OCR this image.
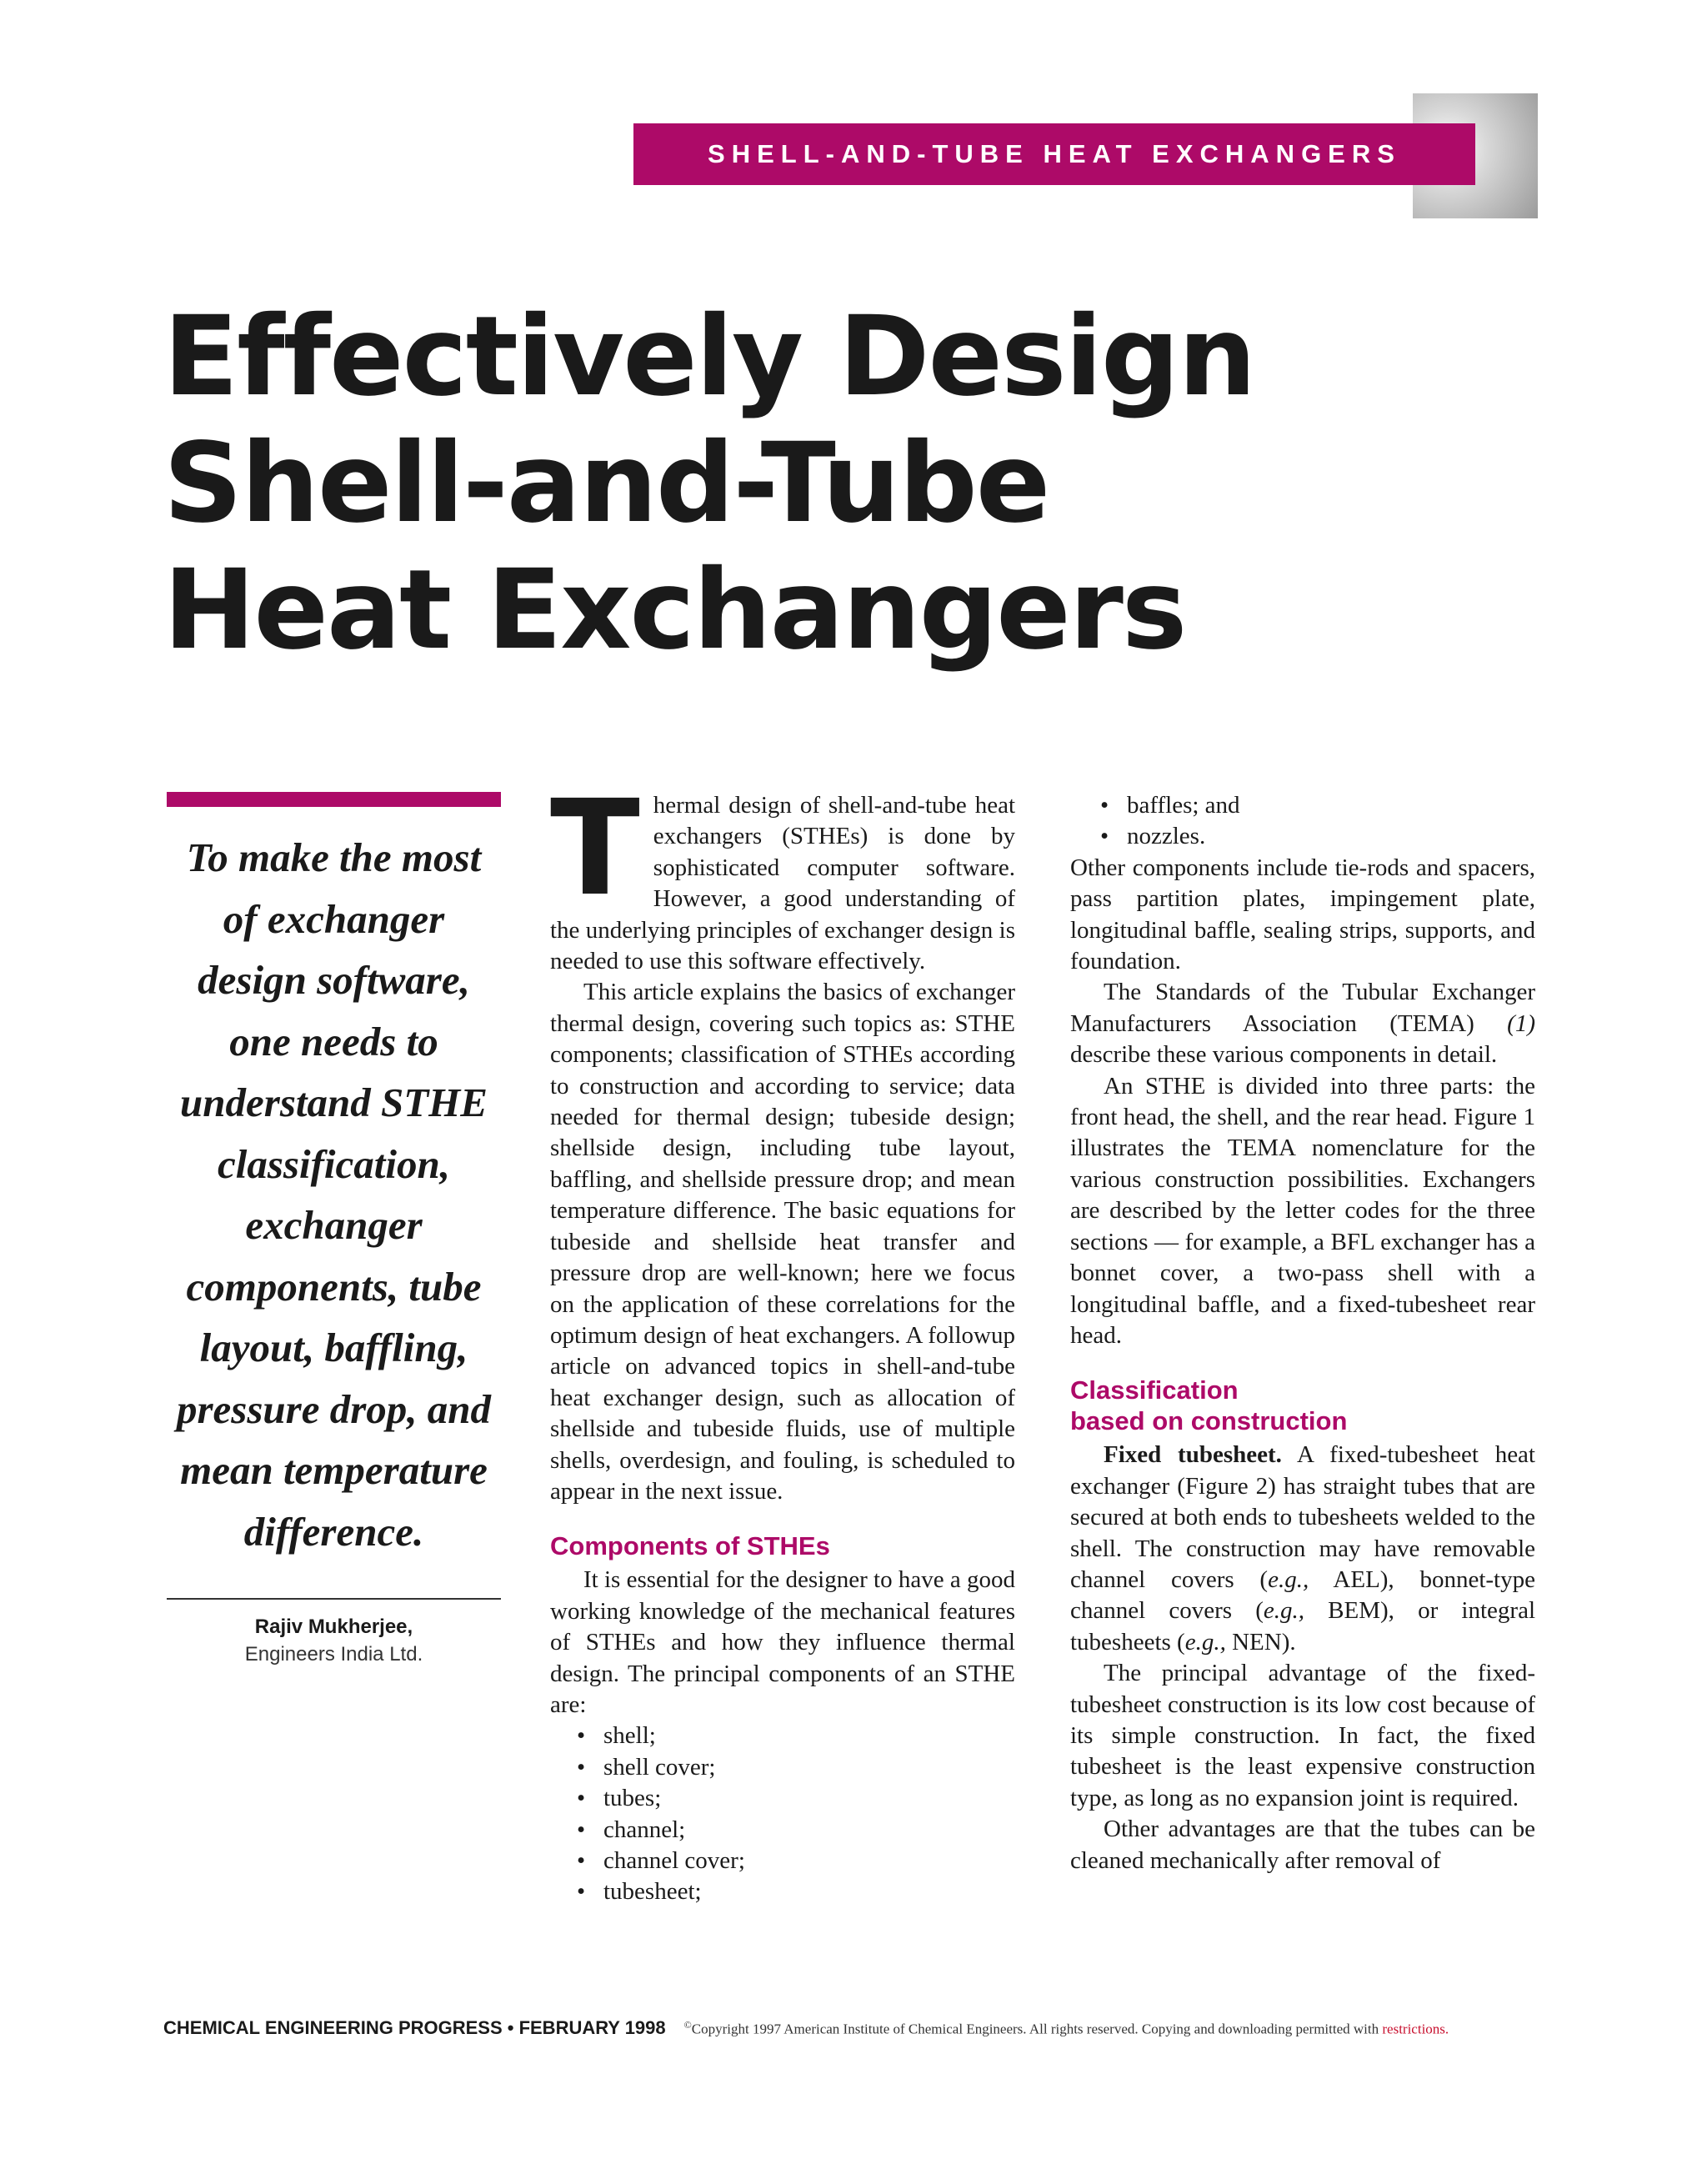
SHELL-AND-TUBE HEAT EXCHANGERS
Effectively Design
Shell-and-Tube
Heat Exchangers

To make the most
of exchanger
design software,
one needs to
understand STHE
classification,
exchanger
components, tube
layout, baffling,
pressure drop, and
mean temperature
difference.

Rajiv Mukherjee,
Engineers India Ltd.

Thermal design of shell-and-tube heat exchangers (STHEs) is done by sophisticated computer software. However, a good understanding of the underlying principles of exchanger design is needed to use this software effectively.

This article explains the basics of exchanger thermal design, covering such topics as: STHE components; classification of STHEs according to construction and according to service; data needed for thermal design; tubeside design; shellside design, including tube layout, baffling, and shellside pressure drop; and mean temperature difference. The basic equations for tubeside and shellside heat transfer and pressure drop are well-known; here we focus on the application of these correlations for the optimum design of heat exchangers. A followup article on advanced topics in shell-and-tube heat exchanger design, such as allocation of shellside and tubeside fluids, use of multiple shells, overdesign, and fouling, is scheduled to appear in the next issue.

Components of STHEs

It is essential for the designer to have a good working knowledge of the mechanical features of STHEs and how they influence thermal design. The principal components of an STHE are:

• shell;
• shell cover;
• tubes;
• channel;
• channel cover;
• tubesheet;
• baffles; and
• nozzles.

Other components include tie-rods and spacers, pass partition plates, impingement plate, longitudinal baffle, sealing strips, supports, and foundation.

The Standards of the Tubular Exchanger Manufacturers Association (TEMA) (1) describe these various components in detail.

An STHE is divided into three parts: the front head, the shell, and the rear head. Figure 1 illustrates the TEMA nomenclature for the various construction possibilities. Exchangers are described by the letter codes for the three sections — for example, a BFL exchanger has a bonnet cover, a two-pass shell with a longitudinal baffle, and a fixed-tubesheet rear head.

Classification
based on construction

Fixed tubesheet. A fixed-tubesheet heat exchanger (Figure 2) has straight tubes that are secured at both ends to tubesheets welded to the shell. The construction may have removable channel covers (e.g., AEL), bonnet-type channel covers (e.g., BEM), or integral tubesheets (e.g., NEN).

The principal advantage of the fixed-tubesheet construction is its low cost because of its simple construction. In fact, the fixed tubesheet is the least expensive construction type, as long as no expansion joint is required.

Other advantages are that the tubes can be cleaned mechanically after removal of

CHEMICAL ENGINEERING PROGRESS • FEBRUARY 1998 ©Copyright 1997 American Institute of Chemical Engineers. All rights reserved. Copying and downloading permitted with restrictions.
